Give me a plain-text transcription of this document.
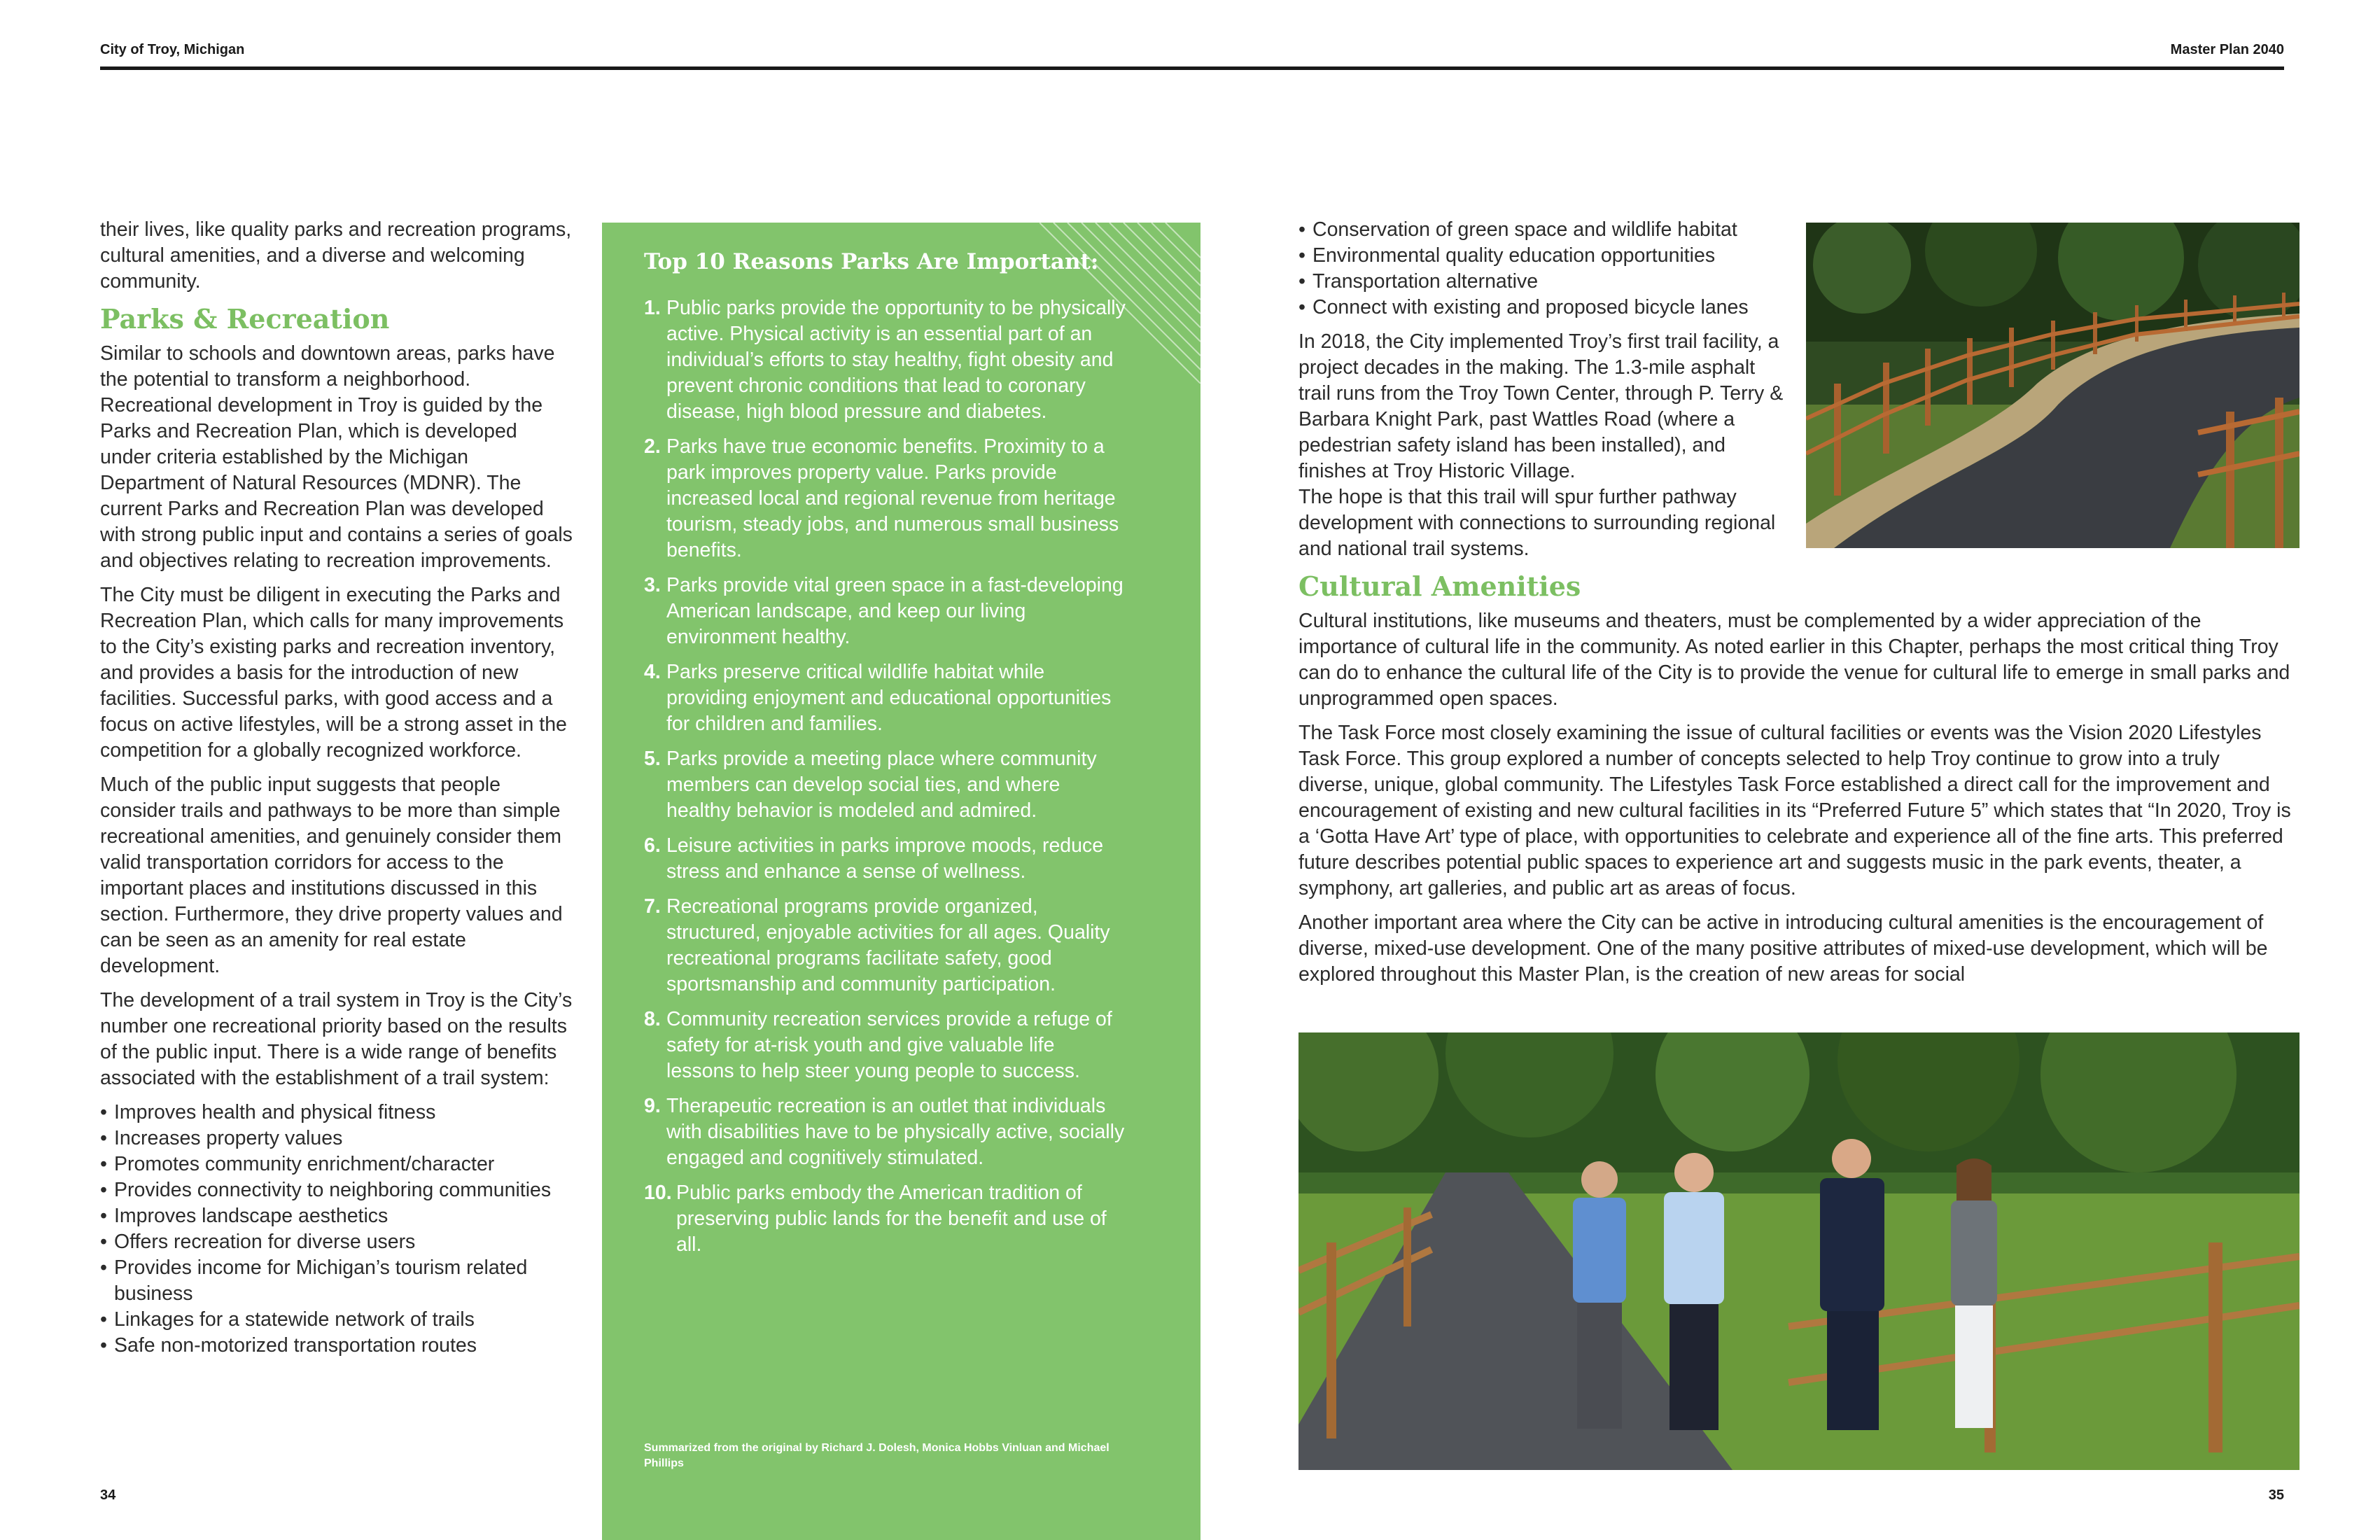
City of Troy, Michigan	Master Plan 2040

their lives, like quality parks and recreation programs, cultural amenities, and a diverse and welcoming community.

Parks & Recreation

Similar to schools and downtown areas, parks have the potential to transform a neighborhood. Recreational development in Troy is guided by the Parks and Recreation Plan, which is developed under criteria established by the Michigan Department of Natural Resources (MDNR). The current Parks and Recreation Plan was developed with strong public input and contains a series of goals and objectives relating to recreation improvements.

The City must be diligent in executing the Parks and Recreation Plan, which calls for many improvements to the City’s existing parks and recreation inventory, and provides a basis for the introduction of new facilities. Successful parks, with good access and a focus on active lifestyles, will be a strong asset in the competition for a globally recognized workforce.

Much of the public input suggests that people consider trails and pathways to be more than simple recreational amenities, and genuinely consider them valid transportation corridors for access to the important places and institutions discussed in this section. Furthermore, they drive property values and can be seen as an amenity for real estate development.

The development of a trail system in Troy is the City’s number one recreational priority based on the results of the public input. There is a wide range of benefits associated with the establishment of a trail system:

• Improves health and physical fitness
• Increases property values
• Promotes community enrichment/character
• Provides connectivity to neighboring communities
• Improves landscape aesthetics
• Offers recreation for diverse users
• Provides income for Michigan’s tourism related business
• Linkages for a statewide network of trails
• Safe non-motorized transportation routes
Top 10 Reasons Parks Are Important:
1. Public parks provide the opportunity to be physically active. Physical activity is an essential part of an individual’s efforts to stay healthy, fight obesity and prevent chronic conditions that lead to coronary disease, high blood pressure and diabetes.
2. Parks have true economic benefits. Proximity to a park improves property value. Parks provide increased local and regional revenue from heritage tourism, steady jobs, and numerous small business benefits.
3. Parks provide vital green space in a fast-developing American landscape, and keep our living environment healthy.
4. Parks preserve critical wildlife habitat while providing enjoyment and educational opportunities for children and families.
5. Parks provide a meeting place where community members can develop social ties, and where healthy behavior is modeled and admired.
6. Leisure activities in parks improve moods, reduce stress and enhance a sense of wellness.
7. Recreational programs provide organized, structured, enjoyable activities for all ages. Quality recreational programs facilitate safety, good sportsmanship and community participation.
8. Community recreation services provide a refuge of safety for at-risk youth and give valuable life lessons to help steer young people to success.
9. Therapeutic recreation is an outlet that individuals with disabilities have to be physically active, socially engaged and cognitively stimulated.
10. Public parks embody the American tradition of preserving public lands for the benefit and use of all.
Summarized from the original by Richard J. Dolesh, Monica Hobbs Vinluan and Michael Phillips
• Conservation of green space and wildlife habitat
• Environmental quality education opportunities
• Transportation alternative
• Connect with existing and proposed bicycle lanes

In 2018, the City implemented Troy’s first trail facility, a project decades in the making. The 1.3-mile asphalt trail runs from the Troy Town Center, through P. Terry & Barbara Knight Park, past Wattles Road (where a pedestrian safety island has been installed), and finishes at Troy Historic Village.

The hope is that this trail will spur further pathway development with connections to surrounding regional and national trail systems.

Cultural Amenities

Cultural institutions, like museums and theaters, must be complemented by a wider appreciation of the importance of cultural life in the community. As noted earlier in this Chapter, perhaps the most critical thing Troy can do to enhance the cultural life of the City is to provide the venue for cultural life to emerge in small parks and unprogrammed open spaces.

The Task Force most closely examining the issue of cultural facilities or events was the Vision 2020 Lifestyles Task Force. This group explored a number of concepts selected to help Troy continue to grow into a truly diverse, unique, global community. The Lifestyles Task Force established a direct call for the improvement and encouragement of existing and new cultural facilities in its “Preferred Future 5” which states that “In 2020, Troy is a ‘Gotta Have Art’ type of place, with opportunities to celebrate and experience all of the fine arts. This preferred future describes potential public spaces to experience art and suggests music in the park events, theater, a symphony, art galleries, and public art as areas of focus.

Another important area where the City can be active in introducing cultural amenities is the encouragement of diverse, mixed-use development. One of the many positive attributes of mixed-use development, which will be explored throughout this Master Plan, is the creation of new areas for social

34	35
